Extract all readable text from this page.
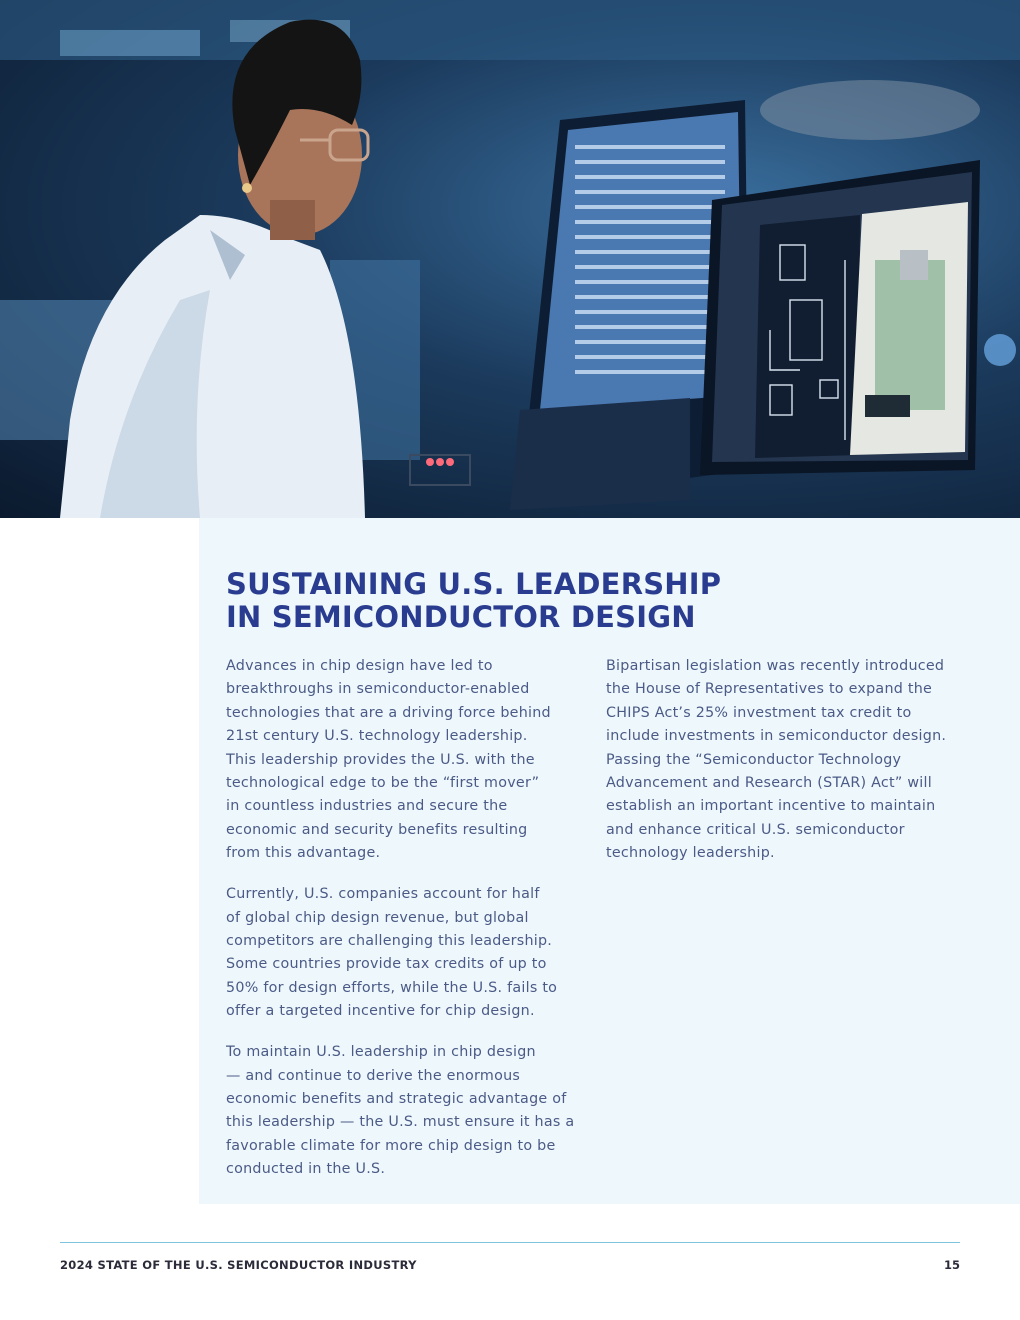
SUSTAINING U.S. LEADERSHIP
IN SEMICONDUCTOR DESIGN

Advances in chip design have led to
breakthroughs in semiconductor-enabled
technologies that are a driving force behind
21st century U.S. technology leadership.
This leadership provides the U.S. with the
technological edge to be the “first mover”
in countless industries and secure the
economic and security benefits resulting
from this advantage.

Currently, U.S. companies account for half
of global chip design revenue, but global
competitors are challenging this leadership.
Some countries provide tax credits of up to
50% for design efforts, while the U.S. fails to
offer a targeted incentive for chip design.

To maintain U.S. leadership in chip design
— and continue to derive the enormous
economic benefits and strategic advantage of
this leadership — the U.S. must ensure it has a
favorable climate for more chip design to be
conducted in the U.S.

Bipartisan legislation was recently introduced
the House of Representatives to expand the
CHIPS Act’s 25% investment tax credit to
include investments in semiconductor design.
Passing the “Semiconductor Technology
Advancement and Research (STAR) Act” will
establish an important incentive to maintain
and enhance critical U.S. semiconductor
technology leadership.

2024 STATE OF THE U.S. SEMICONDUCTOR INDUSTRY	15
